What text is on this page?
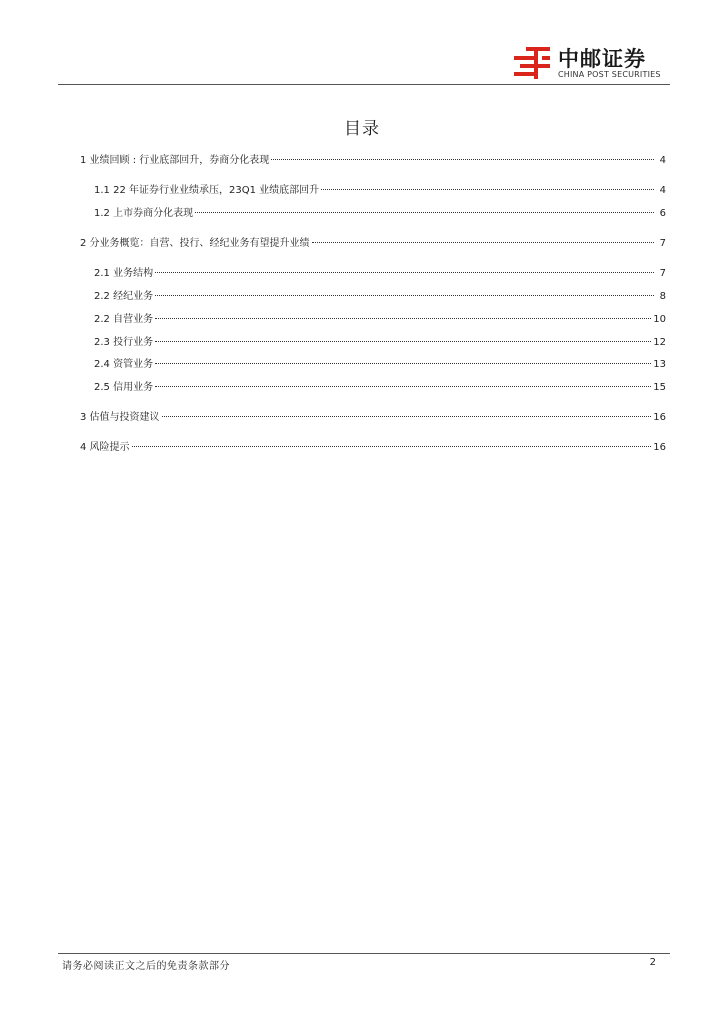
中邮证券
CHINA POST SECURITIES
目录
1 业绩回顾 : 行业底部回升，券商分化表现	4
1.1 22 年证券行业业绩承压，23Q1 业绩底部回升	4
1.2 上市券商分化表现	6
2 分业务概览：自营、投行、经纪业务有望提升业绩	7
2.1 业务结构	7
2.2 经纪业务	8
2.2 自营业务	10
2.3 投行业务	12
2.4 资管业务	13
2.5 信用业务	15
3 估值与投资建议	16
4 风险提示	16
请务必阅读正文之后的免责条款部分	2
